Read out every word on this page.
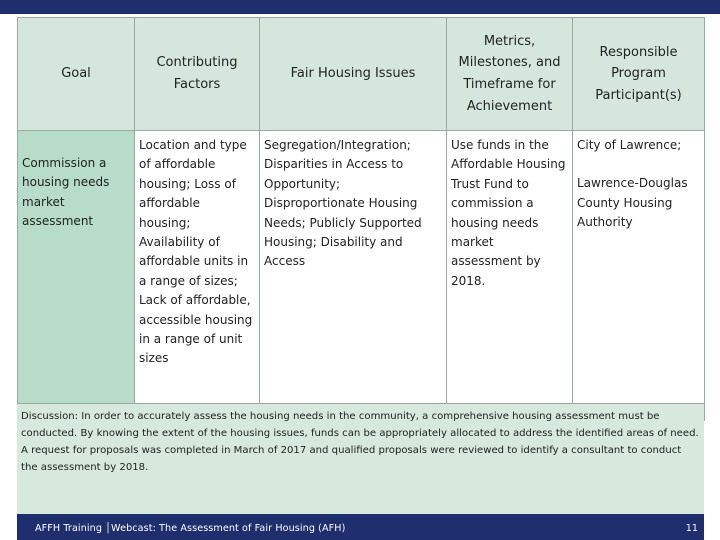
Goal	Contributing Factors	Fair Housing Issues	Metrics, Milestones, and Timeframe for Achievement	Responsible Program Participant(s)
Commission a housing needs market assessment	Location and type of affordable housing; Loss of affordable housing; Availability of affordable units in a range of sizes; Lack of affordable, accessible housing in a range of unit sizes	Segregation/Integration; Disparities in Access to Opportunity; Disproportionate Housing Needs; Publicly Supported Housing; Disability and Access	Use funds in the Affordable Housing Trust Fund to commission a housing needs market assessment by 2018.	City of Lawrence;
Lawrence-Douglas County Housing Authority
Discussion: In order to accurately assess the housing needs in the community, a comprehensive housing assessment must be conducted. By knowing the extent of the housing issues, funds can be appropriately allocated to address the identified areas of need. A request for proposals was completed in March of 2017 and qualified proposals were reviewed to identify a consultant to conduct the assessment by 2018.
AFFH Training │Webcast: The Assessment of Fair Housing (AFH)	11
